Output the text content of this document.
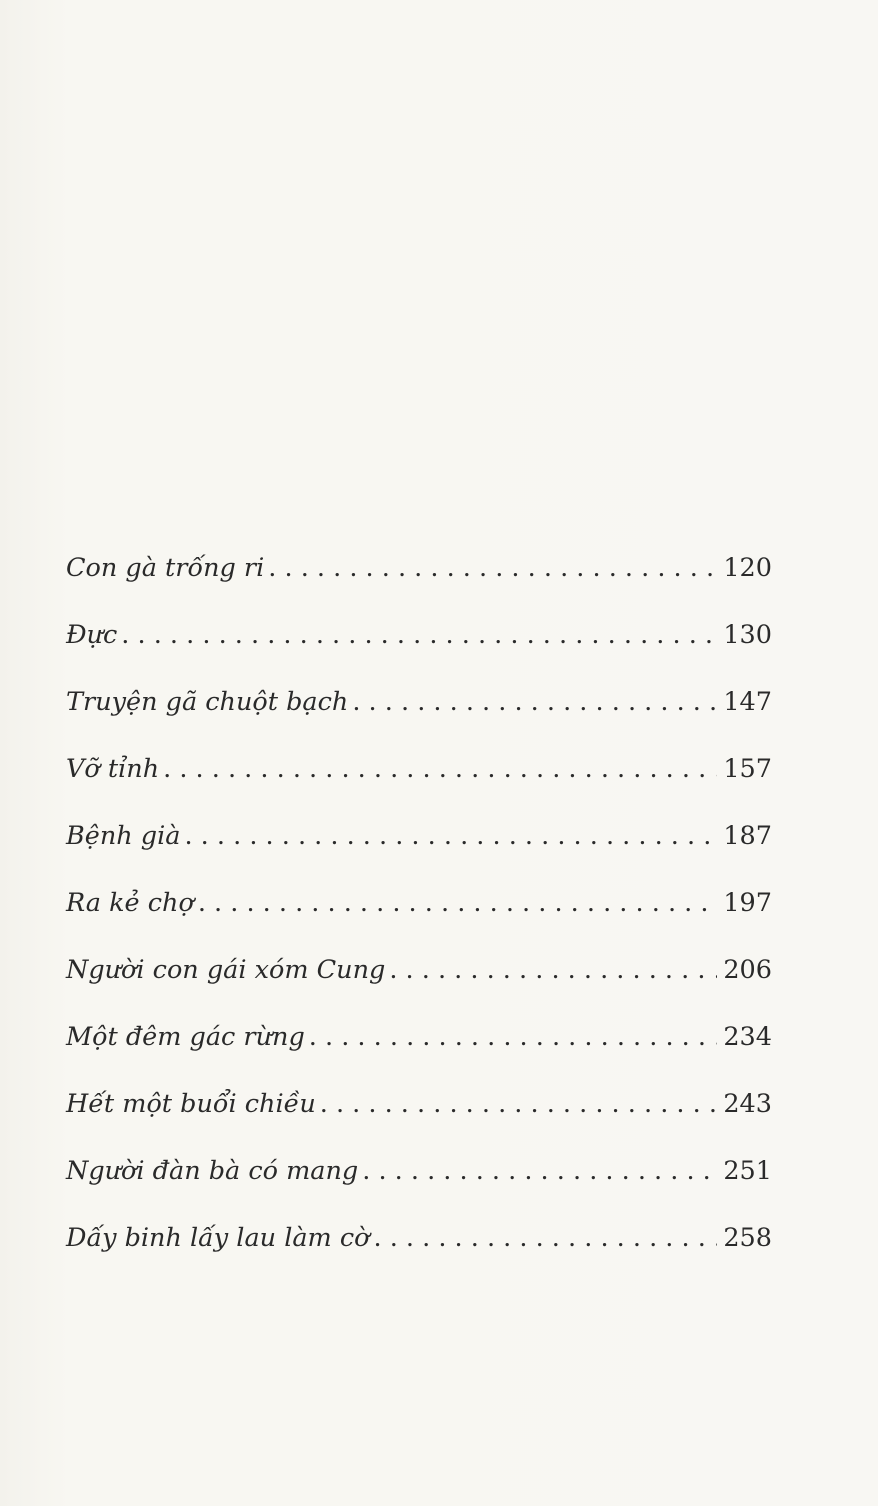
Con gà trống ri . . .	120
Đực . . .	130
Truyện gã chuột bạch . . .	147
Vỡ tỉnh . . .	157
Bệnh già . . .	187
Ra kẻ chợ . . .	197
Người con gái xóm Cung . . .	206
Một đêm gác rừng . . .	234
Hết một buổi chiều . . .	243
Người đàn bà có mang . . .	251
Dấy binh lấy lau làm cờ . . .	258
